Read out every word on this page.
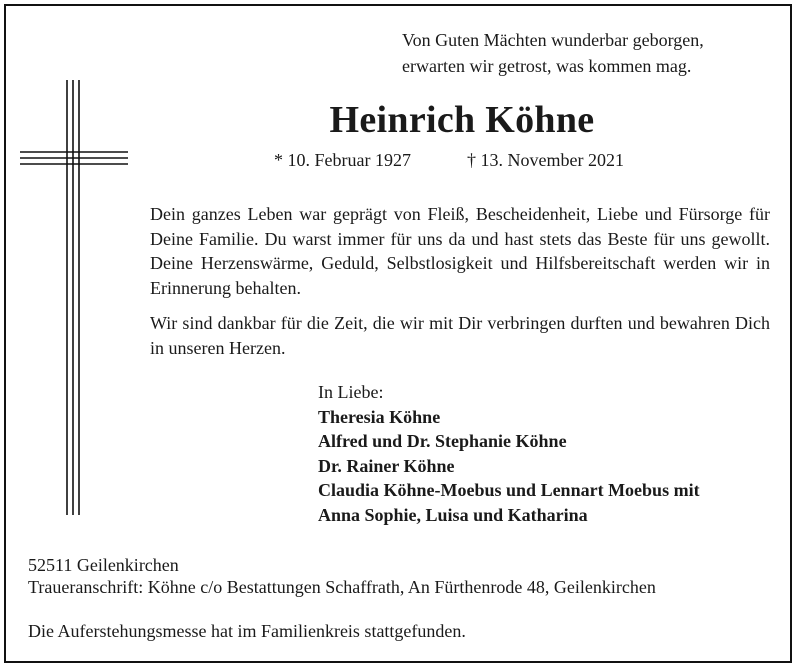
Von Guten Mächten wunderbar geborgen,
erwarten wir getrost, was kommen mag.
Heinrich Köhne
* 10. Februar 1927	† 13. November 2021
Dein ganzes Leben war geprägt von Fleiß, Bescheidenheit, Liebe und Fürsorge für Deine Familie. Du warst immer für uns da und hast stets das Beste für uns gewollt. Deine Herzenswärme, Geduld, Selbstlosigkeit und Hilfsbereitschaft werden wir in Erinnerung behalten.
Wir sind dankbar für die Zeit, die wir mit Dir verbringen durften und bewahren Dich in unseren Herzen.
In Liebe:
Theresia Köhne
Alfred und Dr. Stephanie Köhne
Dr. Rainer Köhne
Claudia Köhne-Moebus und Lennart Moebus mit
Anna Sophie, Luisa und Katharina
52511 Geilenkirchen
Traueranschrift: Köhne c/o Bestattungen Schaffrath, An Fürthenrode 48, Geilenkirchen
Die Auferstehungsmesse hat im Familienkreis stattgefunden.
